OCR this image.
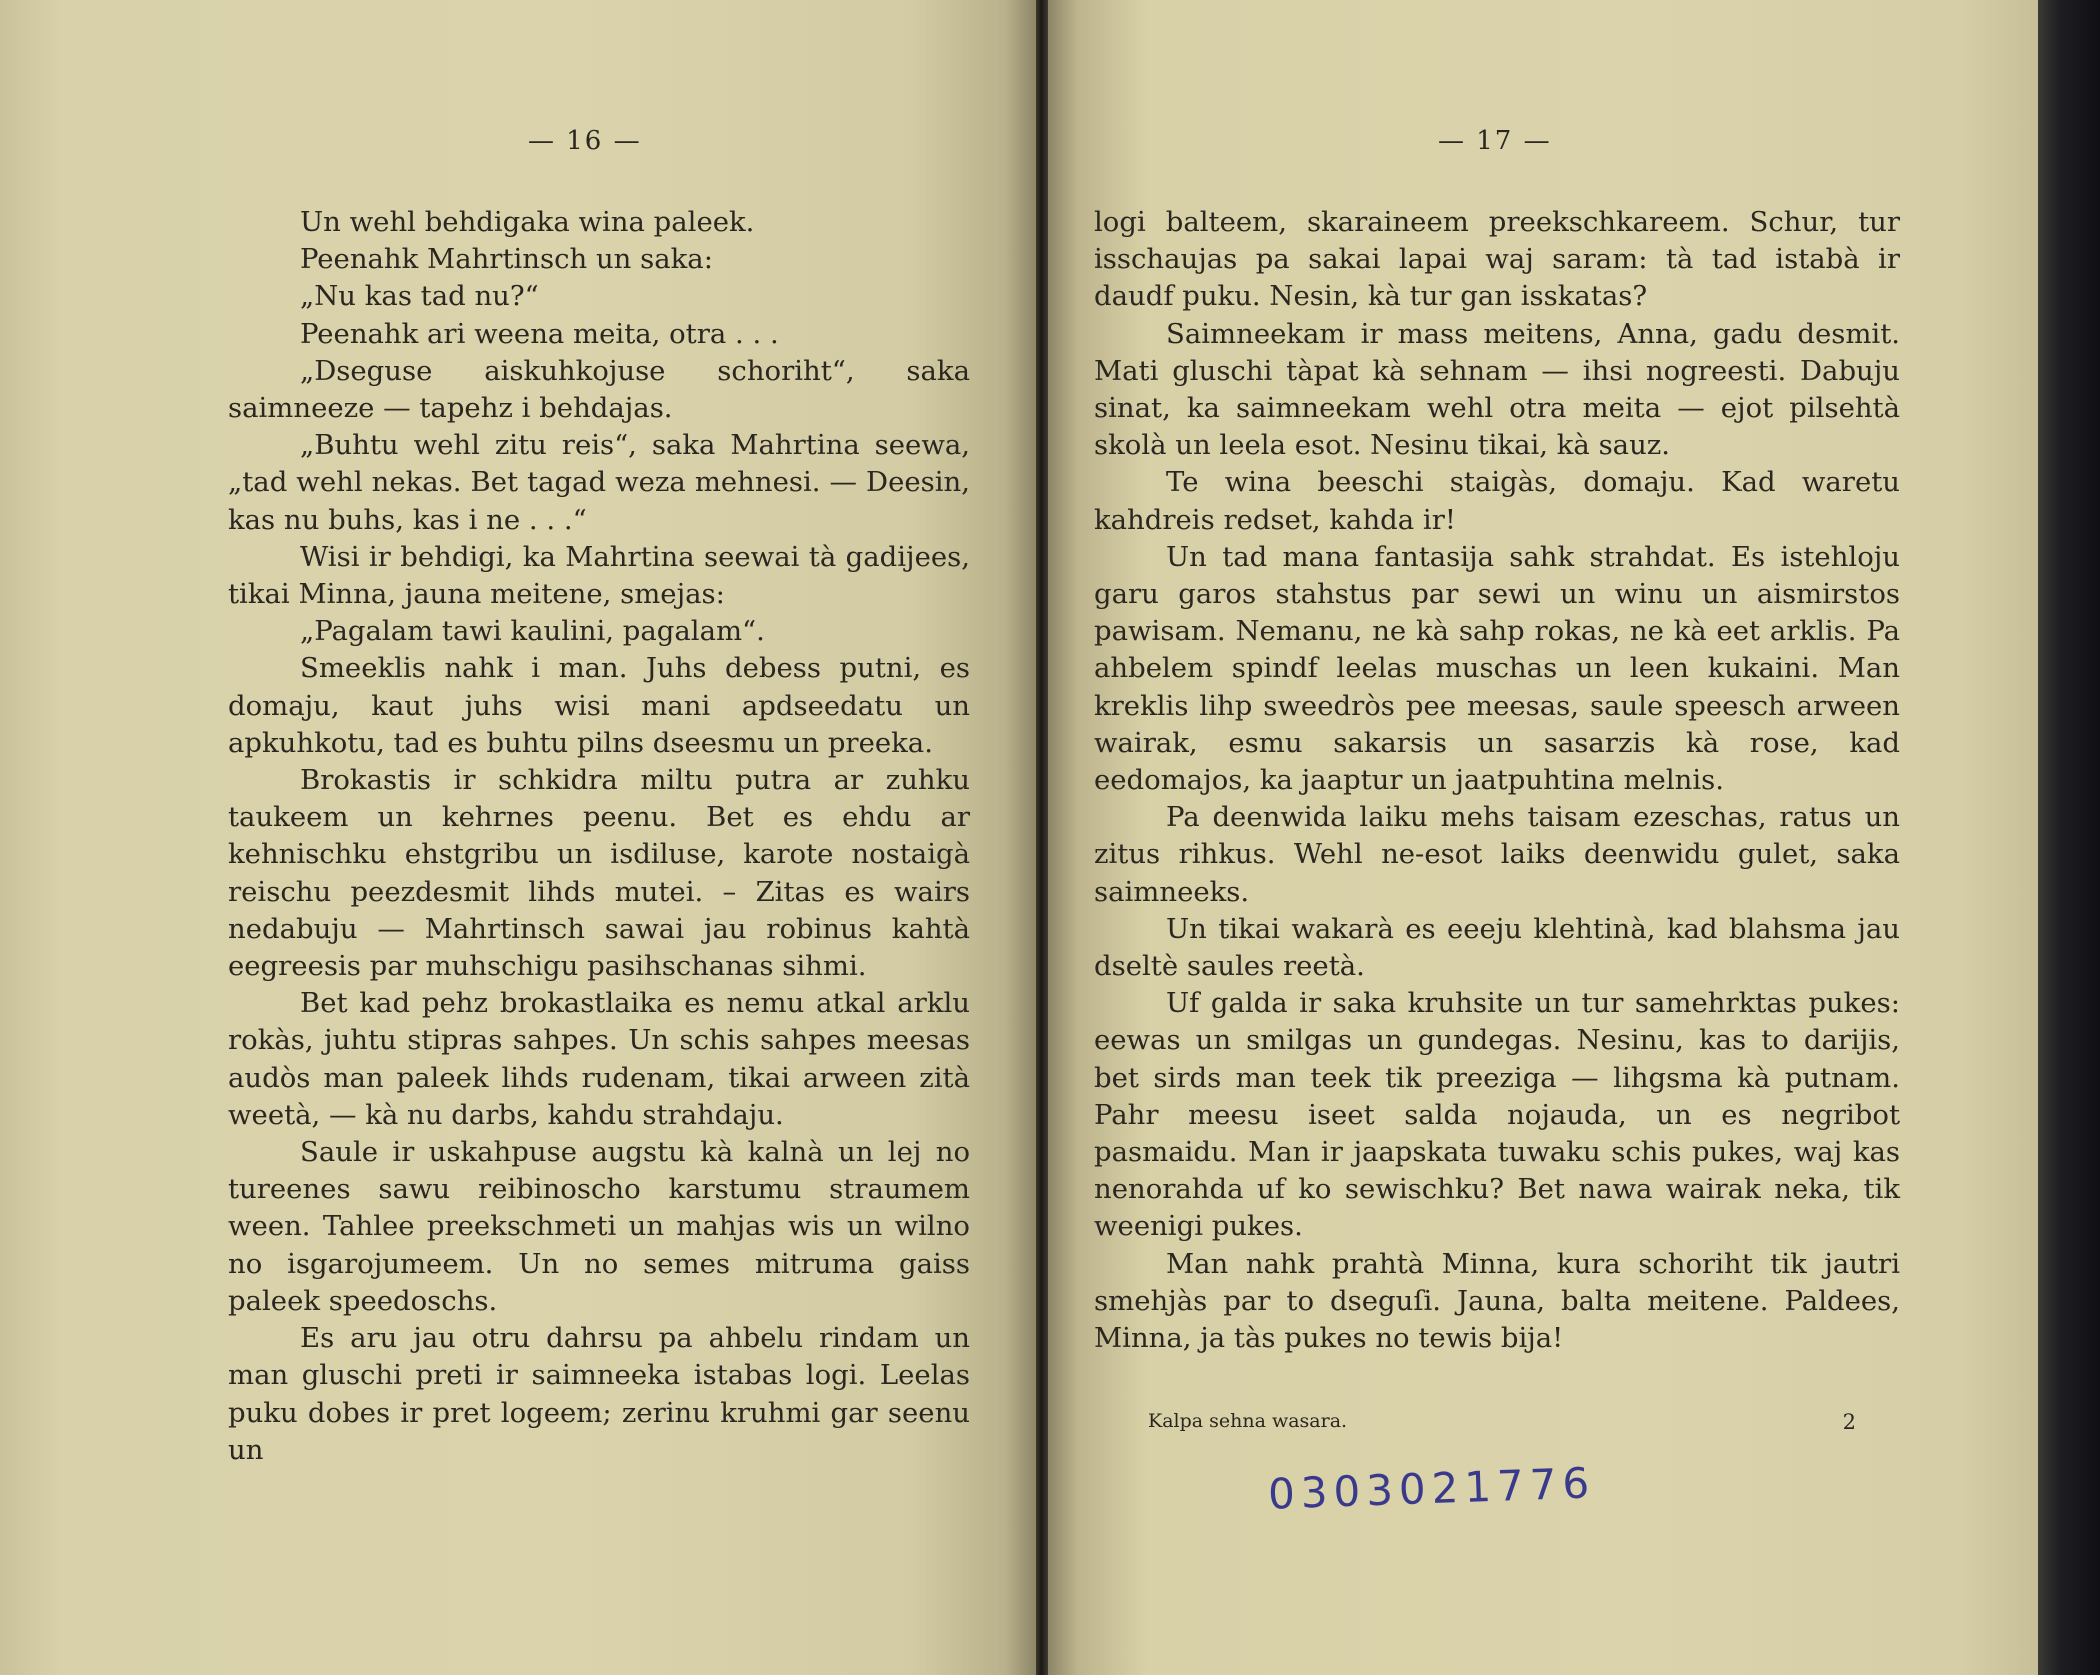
— 16 —

Un wehl behdigaka wina paleek.

Peenahk Mahrtinsch un saka:

„Nu kas tad nu?“

Peenahk ari weena meita, otra . . .

„Dseguse aiskuhkojuse schoriht“, saka saimneeze — tapehz i behdajas.

„Buhtu wehl zitu reis“, saka Mahrtina seewa, „tad wehl nekas. Bet tagad weza mehnesi. — Deesin, kas nu buhs, kas i ne . . .“

Wisi ir behdigi, ka Mahrtina seewai tà gadijees, tikai Minna, jauna meitene, smejas:

„Pagalam tawi kaulini, pagalam“.

Smeeklis nahk i man. Juhs debess putni, es domaju, kaut juhs wisi mani apdseedatu un apkuhkotu, tad es buhtu pilns dseesmu un preeka.

Brokastis ir schkidra miltu putra ar zuhku taukeem un kehrnes peenu. Bet es ehdu ar kehnischku ehstgribu un isdiluse, karote nostaigà reischu peezdesmit lihds mutei. – Zitas es wairs nedabuju — Mahrtinsch sawai jau robinus kahtà eegreesis par muhschigu pasihschanas sihmi.

Bet kad pehz brokastlaika es nemu atkal arklu rokàs, juhtu stipras sahpes. Un schis sahpes meesas audòs man paleek lihds rudenam, tikai arween zità weetà, — kà nu darbs, kahdu strahdaju.

Saule ir uskahpuse augstu kà kalnà un lej no tureenes sawu reibinoscho karstumu straumem ween. Tahlee preekschmeti un mahjas wis un wilno no isgarojumeem. Un no semes mitruma gaiss paleek speedoschs.

Es aru jau otru dahrsu pa ahbelu rindam un man gluschi preti ir saimneeka istabas logi. Leelas puku dobes ir pret logeem; zerinu kruhmi gar seenu un

— 17 —

logi balteem, skaraineem preekschkareem. Schur, tur isschaujas pa sakai lapai waj saram: tà tad istabà ir daudf puku. Nesin, kà tur gan isskatas?

Saimneekam ir mass meitens, Anna, gadu desmit. Mati gluschi tàpat kà sehnam — ihsi nogreesti. Dabuju sinat, ka saimneekam wehl otra meita — ejot pilsehtà skolà un leela esot. Nesinu tikai, kà sauz.

Te wina beeschi staigàs, domaju. Kad waretu kahdreis redset, kahda ir!

Un tad mana fantasija sahk strahdat. Es istehloju garu garos stahstus par sewi un winu un aismirstos pawisam. Nemanu, ne kà sahp rokas, ne kà eet arklis. Pa ahbelem spindf leelas muschas un leen kukaini. Man kreklis lihp sweedròs pee meesas, saule speesch arween wairak, esmu sakarsis un sasarzis kà rose, kad eedomajos, ka jaaptur un jaatpuhtina melnis.

Pa deenwida laiku mehs taisam ezeschas, ratus un zitus rihkus. Wehl ne-esot laiks deenwidu gulet, saka saimneeks.

Un tikai wakarà es eeeju klehtinà, kad blahsma jau dseltè saules reetà.

Uf galda ir saka kruhsite un tur samehrktas pukes: eewas un smilgas un gundegas. Nesinu, kas to darijis, bet sirds man teek tik preeziga — lihgsma kà putnam. Pahr meesu iseet salda nojauda, un es negribot pasmaidu. Man ir jaapskata tuwaku schis pukes, waj kas nenorahda uf ko sewischku? Bet nawa wairak neka, tik weenigi pukes.

Man nahk prahtà Minna, kura schoriht tik jautri smehjàs par to dseguſi. Jauna, balta meitene. Paldees, Minna, ja tàs pukes no tewis bija!

Kalpa sehna wasara.	2
0303021776
